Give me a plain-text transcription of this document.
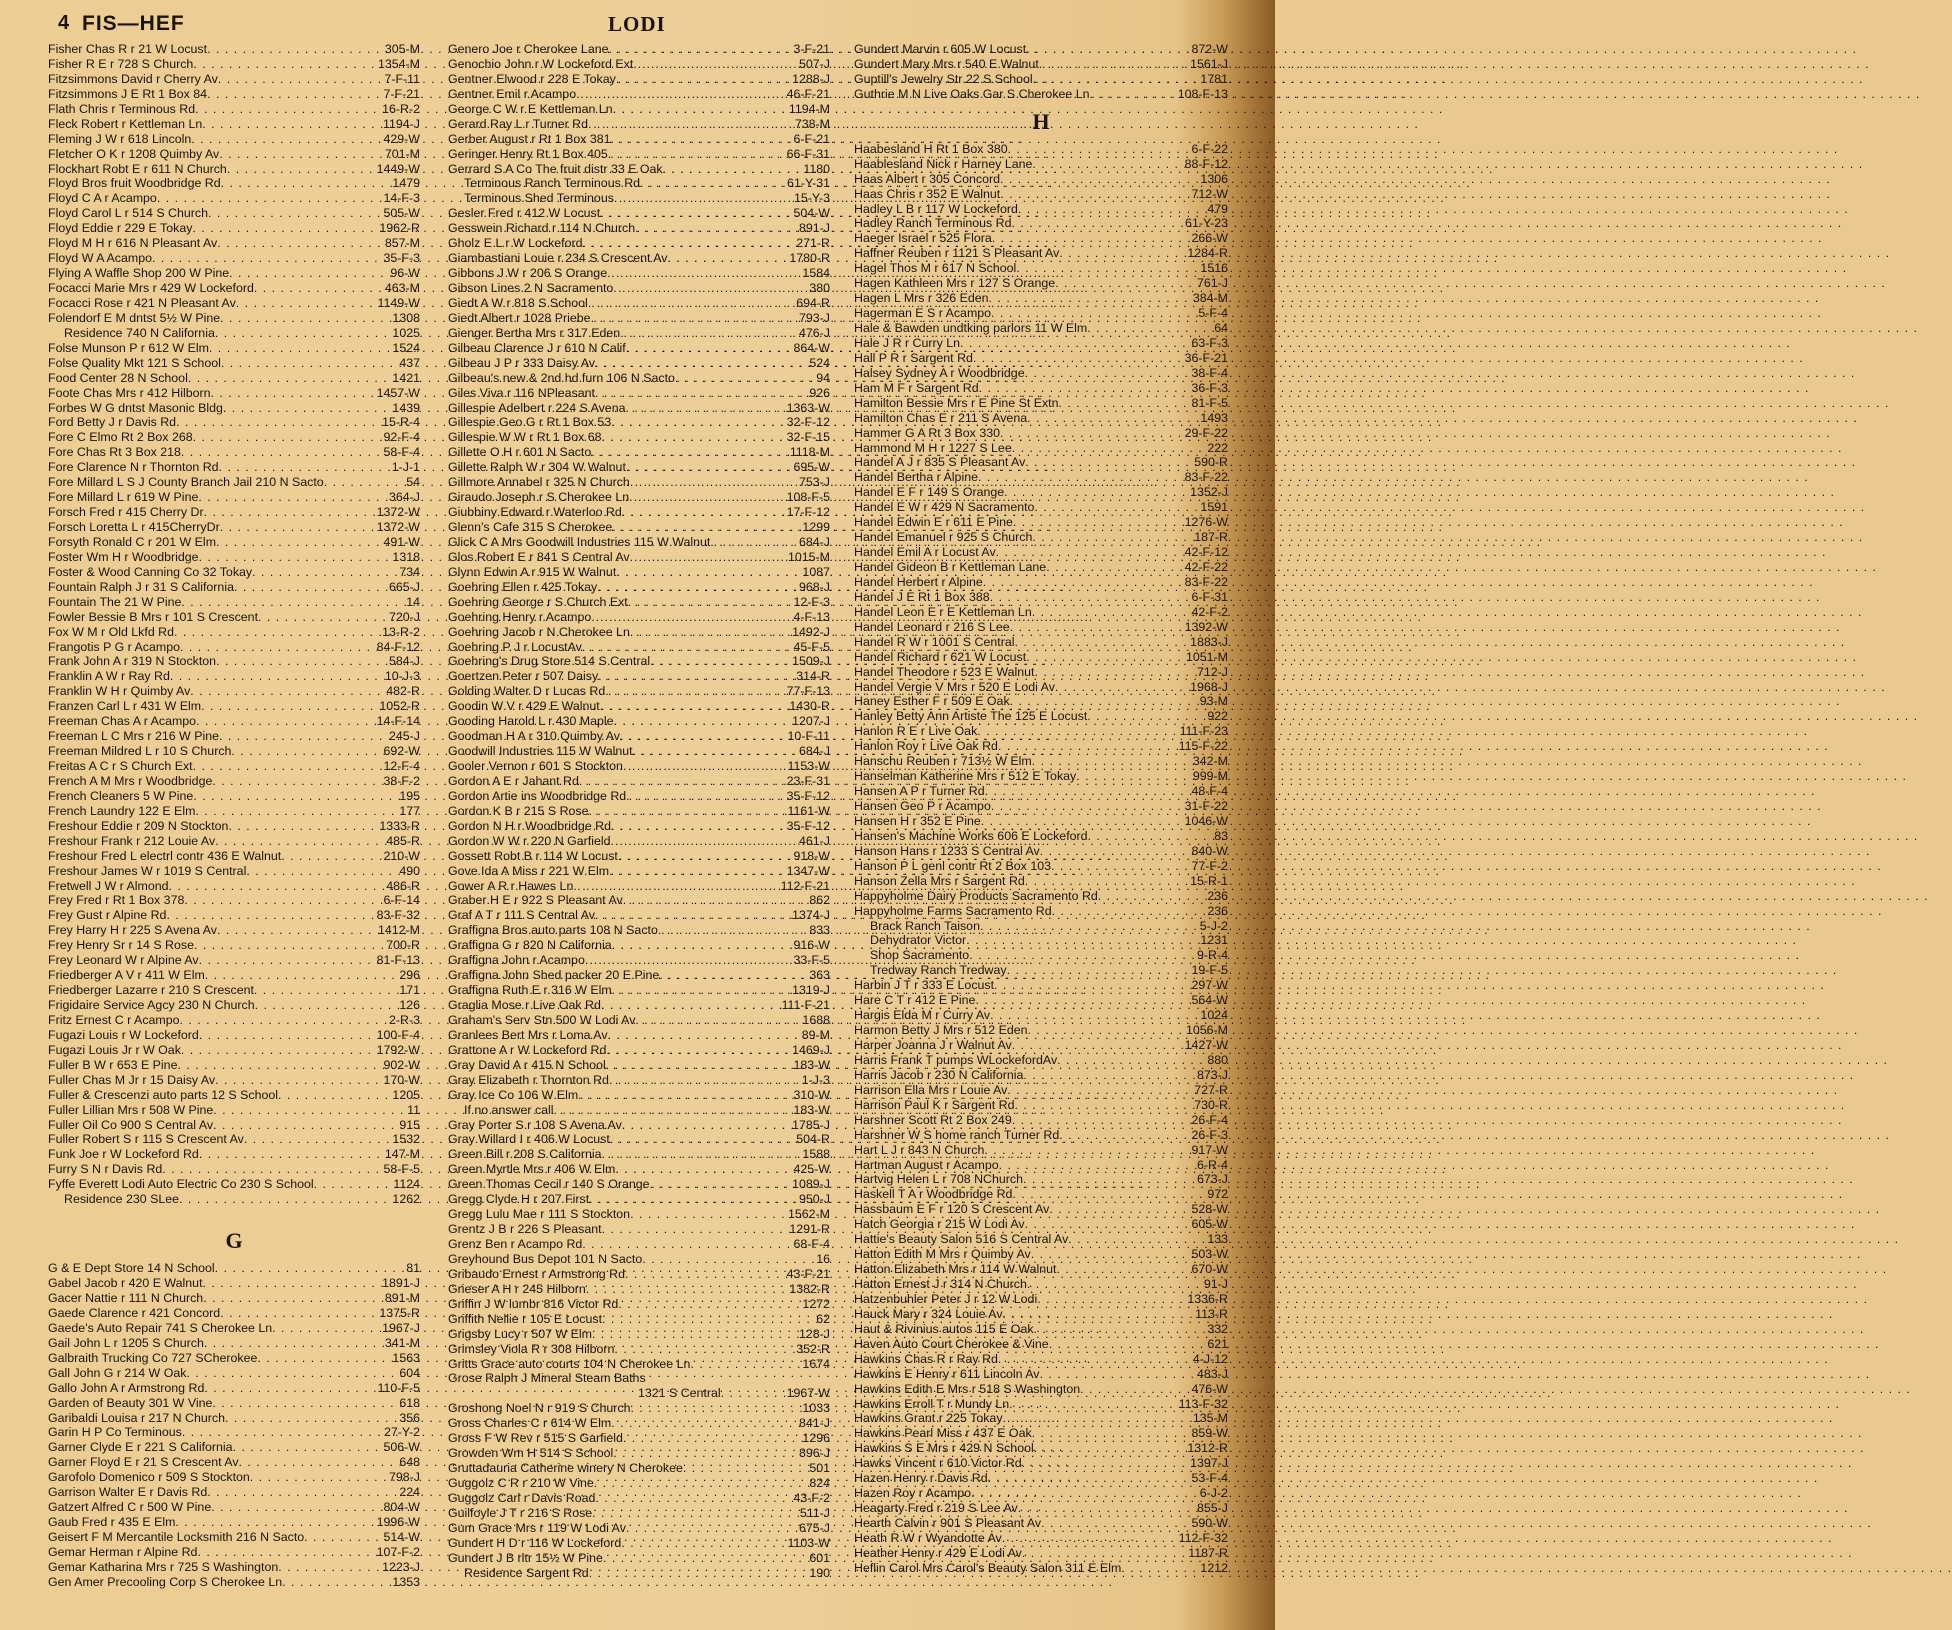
4 FIS—HEF	LODI
Fisher Chas R r 21 W Locust . . .	305-M
Fisher R E r 728 S Church . . .	1354-M
Fitzsimmons David r Cherry Av . . .	7-F-11
Fitzsimmons J E Rt 1 Box 84 . . .	7-F-21
Flath Chris r Terminous Rd . . .	16-R-2
Fleck Robert r Kettleman Ln . . .	1194-J
Fleming J W r 618 Lincoln . . .	429-W
Fletcher O K r 1208 Quimby Av . . .	701-M
Flockhart Robt E r 611 N Church . . .	1449-W
Floyd Bros fruit Woodbridge Rd . . .	1479
Floyd C A r Acampo . . .	14-F-3
Floyd Carol L r 514 S Church . . .	505-W
Floyd Eddie r 229 E Tokay . . .	1962-R
Floyd M H r 616 N Pleasant Av . . .	857-M
Floyd W A Acampo . . .	35-F-3
Flying A Waffle Shop 200 W Pine . . .	96-W
Focacci Marie Mrs r 429 W Lockeford . . .	463-M
Focacci Rose r 421 N Pleasant Av . . .	1149-W
Folendorf E M dntst 5½ W Pine . . .	1308
Residence 740 N California . . .	1025
Folse Munson P r 612 W Elm . . .	1524
Folse Quality Mkt 121 S School . . .	437
Food Center 28 N School . . .	1421
Foote Chas Mrs r 412 Hilborn . . .	1457-W
Forbes W G dntst Masonic Bldg . . .	1439
Ford Betty J r Davis Rd . . .	15-R-4
Fore C Elmo Rt 2 Box 268 . . .	92-F-4
Fore Chas Rt 3 Box 218 . . .	58-F-4
Fore Clarence N r Thornton Rd . . .	1-J-1
Fore Millard L S J County Branch Jail 210 N Sacto . . .	54
Fore Millard L r 619 W Pine . . .	364-J
Forsch Fred r 415 Cherry Dr . . .	1372-W
Forsch Loretta L r 415CherryDr . . .	1372-W
Forsyth Ronald C r 201 W Elm . . .	491-W
Foster Wm H r Woodbridge . . .	1318
Foster & Wood Canning Co 32 Tokay . . .	734
Fountain Ralph J r 31 S California . . .	665-J
Fountain The 21 W Pine . . .	14
Fowler Bessie B Mrs r 101 S Crescent . . .	720-J
Fox W M r Old Lkfd Rd . . .	13-R-2
Frangotis P G r Acampo . . .	84-F-12
Frank John A r 319 N Stockton . . .	584-J
Franklin A W r Ray Rd . . .	10-J-3
Franklin W H r Quimby Av . . .	482-R
Franzen Carl L r 431 W Elm . . .	1052-R
Freeman Chas A r Acampo . . .	14-F-14
Freeman L C Mrs r 216 W Pine . . .	245-J
Freeman Mildred L r 10 S Church . . .	692-W
Freitas A C r S Church Ext . . .	12-F-4
French A M Mrs r Woodbridge . . .	38-F-2
French Cleaners 5 W Pine . . .	195
French Laundry 122 E Elm . . .	177
Freshour Eddie r 209 N Stockton . . .	1333-R
Freshour Frank r 212 Louie Av . . .	485-R
Freshour Fred L electrl contr 436 E Walnut . . .	210-W
Freshour James W r 1019 S Central . . .	490
Fretwell J W r Almond . . .	486-R
Frey Fred r Rt 1 Box 378 . . .	6-F-14
Frey Gust r Alpine Rd . . .	83-F-32
Frey Harry H r 225 S Avena Av . . .	1412-M
Frey Henry Sr r 14 S Rose . . .	700-R
Frey Leonard W r Alpine Av . . .	81-F-13
Friedberger A V r 411 W Elm . . .	296
Friedberger Lazarre r 210 S Crescent . . .	171
Frigidaire Service Agcy 230 N Church . . .	126
Fritz Ernest C r Acampo . . .	2-R-3
Fugazi Louis r W Lockeford . . .	100-F-4
Fugazi Louis Jr r W Oak . . .	1792-W
Fuller B W r 653 E Pine . . .	902-W
Fuller Chas M Jr r 15 Daisy Av . . .	170-W
Fuller & Crescenzi auto parts 12 S School . . .	1205
Fuller Lillian Mrs r 508 W Pine . . .	11
Fuller Oil Co 900 S Central Av . . .	915
Fuller Robert S r 115 S Crescent Av . . .	1532
Funk Joe r W Lockeford Rd . . .	147-M
Furry S N r Davis Rd . . .	58-F-5
Fyffe Everett Lodi Auto Electric Co 230 S School . . .	1124
Residence 230 SLee . . .	1262
G
G & E Dept Store 14 N School . . .	81
Gabel Jacob r 420 E Walnut . . .	1891-J
Gacer Nattie r 111 N Church . . .	891-M
Gaede Clarence r 421 Concord . . .	1375-R
Gaede's Auto Repair 741 S Cherokee Ln . . .	1967-J
Gail John L r 1205 S Church . . .	341-M
Galbraith Trucking Co 727 SCherokee . . .	1563
Gall John G r 214 W Oak . . .	604
Gallo John A r Armstrong Rd . . .	110-F-5
Garden of Beauty 301 W Vine . . .	618
Garibaldi Louisa r 217 N Church . . .	356
Garin H P Co Terminous . . .	27-Y-2
Garner Clyde E r 221 S California . . .	506-W
Garner Floyd E r 21 S Crescent Av . . .	648
Garofolo Domenico r 509 S Stockton . . .	798-J
Garrison Walter E r Davis Rd . . .	224
Gatzert Alfred C r 500 W Pine . . .	804-W
Gaub Fred r 435 E Elm . . .	1996-W
Geisert F M Mercantile Locksmith 216 N Sacto . . .	514-W
Gemar Herman r Alpine Rd . . .	107-F-2
Gemar Katharina Mrs r 725 S Washington . . .	1223-J
Gen Amer Precooling Corp S Cherokee Ln . . .	1353
Genero Joe r Cherokee Lane . . .	3-F-21
Genochio John r W Lockeford Ext . . .	507-J
Gentner Elwood r 228 E Tokay . . .	1288-J
Gentner Emil r Acampo . . .	46-F-21
George C W r E Kettleman Ln . . .	1194-M
Gerard Ray L r Turner Rd . . .	738-M
Gerber August r Rt 1 Box 381 . . .	6-F-21
Geringer Henry Rt 1 Box 405 . . .	66-F-31
Gerrard S A Co The fruit distr 33 E Oak . . .	1180
Terminous Ranch Terminous Rd . . .	61-Y-31
Terminous Shed Terminous . . .	15-Y-3
Gesler Fred r 412 W Locust . . .	504-W
Gesswein Richard r 114 N Church . . .	891-J
Gholz E L r W Lockeford . . .	271-R
Giambastiani Louie r 234 S Crescent Av . . .	1780-R
Gibbons J W r 206 S Orange . . .	1584
Gibson Lines 2 N Sacramento . . .	380
Giedt A W r 818 S School . . .	694-R
Giedt Albert r 1028 Priebe . . .	793-J
Gienger Bertha Mrs r 317 Eden . . .	476-J
Gilbeau Clarence J r 610 N Calif . . .	864-W
Gilbeau J P r 333 Daisy Av . . .	524
Gilbeau's new & 2nd hd furn 106 N Sacto . . .	94
Giles Viva r 116 NPleasant . . .	926
Gillespie Adelbert r 224 S Avena . . .	1363-W
Gillespie Geo G r Rt 1 Box 53 . . .	32-F-12
Gillespie W W r Rt 1 Box 68 . . .	32-F-15
Gillette O H r 601 N Sacto . . .	1118-M
Gillette Ralph W r 304 W Walnut . . .	695-W
Gillmore Annabel r 325 N Church . . .	753-J
Giraudo Joseph r S Cherokee Ln . . .	108-F-5
Giubbiny Edward r Waterloo Rd . . .	17-F-12
Glenn's Cafe 315 S Cherokee . . .	1299
Glick C A Mrs Goodwill Industries 115 W Walnut . . .	684-J
Glos Robert E r 841 S Central Av . . .	1015-M
Glynn Edwin A r 915 W Walnut . . .	1087
Goehring Ellen r 425 Tokay . . .	968-J
Goehring George r S Church Ext . . .	12-F-3
Goehring Henry r Acampo . . .	4-F-13
Goehring Jacob r N Cherokee Ln . . .	1492-J
Goehring P J r LocustAv . . .	45-F-5
Goehring's Drug Store 514 S Central . . .	1509-J
Goertzen Peter r 507 Daisy . . .	314-R
Golding Walter D r Lucas Rd . . .	77-F-13
Goodin W V r 429 E Walnut . . .	1430-R
Gooding Harold L r 430 Maple . . .	1207-J
Goodman H A r 310 Quimby Av . . .	10-F-11
Goodwill Industries 115 W Walnut . . .	684-J
Gooler Vernon r 601 S Stockton . . .	1153-W
Gordon A E r Jahant Rd . . .	23-F-31
Gordon Artie ins Woodbridge Rd . . .	35-F-12
Gordon K B r 215 S Rose . . .	1161-W
Gordon N H r Woodbridge Rd . . .	35-F-12
Gordon W W r 220 N Garfield . . .	461-J
Gossett Robt B r 114 W Locust . . .	918-W
Gove Ida A Miss r 221 W Elm . . .	1347-W
Gower A R r Hawes Ln . . .	112-F-21
Graber H E r 922 S Pleasant Av . . .	862
Graf A T r 111 S Central Av . . .	1374-J
Graffigna Bros auto parts 108 N Sacto . . .	833
Graffigna G r 820 N California . . .	916-W
Graffigna John r Acampo . . .	33-F-5
Graffigna John Shed packer 20 E Pine . . .	363
Graffigna Ruth E r 316 W Elm . . .	1319-J
Graglia Mose r Live Oak Rd . . .	111-F-21
Graham's Serv Stn 500 W Lodi Av . . .	1688
Granlees Bert Mrs r Loma Av . . .	89-M
Grattone A r W Lockeford Rd . . .	1469-J
Gray David A r 415 N School . . .	183-W
Gray Elizabeth r Thornton Rd . . .	1-J-3
Gray Ice Co 106 W Elm . . .	310-W
If no answer call . . .	183-W
Gray Porter S r 108 S Avena Av . . .	1785-J
Gray Willard I r 406 W Locust . . .	504-R
Green Bill r 208 S California . . .	1588
Green Myrtle Mrs r 406 W Elm . . .	425-W
Green Thomas Cecil r 140 S Orange . . .	1089-J
Gregg Clyde H r 207 First . . .	950-J
Gregg Lulu Mae r 111 S Stockton . . .	1562-M
Grentz J B r 226 S Pleasant . . .	1291-R
Grenz Ben r Acampo Rd . . .	68-F-4
Greyhound Bus Depot 101 N Sacto . . .	16
Gribaudo Ernest r Armstrong Rd . . .	43-F-21
Grieser A H r 245 Hilborn . . .	1382-R
Griffin J W lumbr 816 Victor Rd . . .	1272
Griffith Nellie r 105 E Locust . . .	62
Grigsby Lucy r 507 W Elm . . .	128-J
Grimsley Viola R r 308 Hilborn . . .	352-R
Gritts Grace auto courts 104 N Cherokee Ln . . .	1674
Grose Ralph J Mineral Steam Baths
1321 S Central . . .	1967-W
Groshong Noel N r 919 S Church . . .	1033
Gross Charles C r 614 W Elm . . .	841-J
Gross F W Rev r 515 S Garfield . . .	1296
Growden Wm H 514 S School . . .	896-J
Gruttadauria Catherine winery N Cherokee . . .	501
Guggolz C R r 210 W Vine . . .	824
Guggolz Carl r Davis Road . . .	43-F-2
Guilfoyle J T r 216 S Rose . . .	511-J
Gum Grace Mrs r 119 W Lodi Av . . .	675-J
Gundert H D r 116 W Lockeford . . .	1103-W
Gundert J B rltr 15½ W Pine . . .	601
Residence Sargent Rd . . .	190
Gundert Marvin r 605 W Locust . . .	872-W
Gundert Mary Mrs r 540 E Walnut . . .	1561-J
Guptill's Jewelry Str 22 S School . . .	1781
Guthrie M N Live Oaks Gar S Cherokee Ln . . .	108-F-13
H
Haabesland H Rt 1 Box 380 . . .	6-F-22
Haablesland Nick r Harney Lane . . .	88-F-12
Haas Albert r 305 Concord . . .	1306
Haas Chris r 352 E Walnut . . .	712-W
Hadley L B r 117 W Lockeford . . .	479
Hadley Ranch Terminous Rd . . .	61-Y-23
Haeger Israel r 525 Flora . . .	266-W
Haffner Reuben r 1121 S Pleasant Av . . .	1284-R
Hagel Thos M r 617 N School . . .	1516
Hagen Kathleen Mrs r 127 S Orange . . .	761-J
Hagen L Mrs r 326 Eden . . .	384-M
Hagerman E S r Acampo . . .	5-F-4
Hale & Bawden undtking parlors 11 W Elm . . .	64
Hale J R r Curry Ln . . .	63-F-3
Hall P R r Sargent Rd . . .	36-F-21
Halsey Sydney A r Woodbridge . . .	38-F-4
Ham M F r Sargent Rd . . .	36-F-3
Hamilton Bessie Mrs r E Pine St Extn . . .	81-F-5
Hamilton Chas E r 211 S Avena . . .	1493
Hammer G A Rt 3 Box 330 . . .	29-F-22
Hammond M H r 1227 S Lee . . .	222
Handel A J r 835 S Pleasant Av . . .	590-R
Handel Bertha r Alpine . . .	83-F-22
Handel E F r 149 S Orange . . .	1352-J
Handel E W r 429 N Sacramento . . .	1591
Handel Edwin E r 611 E Pine . . .	1276-W
Handel Emanuel r 925 S Church . . .	187-R
Handel Emil A r Locust Av . . .	42-F-12
Handel Gideon B r Kettleman Lane . . .	42-F-22
Handel Herbert r Alpine . . .	83-F-22
Handel J E Rt 1 Box 388 . . .	6-F-31
Handel Leon E r E Kettleman Ln . . .	42-F-2
Handel Leonard r 216 S Lee . . .	1392-W
Handel R W r 1001 S Central . . .	1883-J
Handel Richard r 621 W Locust . . .	1051-M
Handel Theodore r 523 E Walnut . . .	712-J
Handel Vergie V Mrs r 520 E Lodi Av . . .	1968-J
Haney Esther F r 509 E Oak . . .	93-M
Hanley Betty Ann Artiste The 125 E Locust . . .	922
Hanlon R E r Live Oak . . .	111-F-23
Hanlon Roy r Live Oak Rd . . .	115-F-22
Hanschu Reuben r 713½ W Elm . . .	342-M
Hanselman Katherine Mrs r 512 E Tokay . . .	999-M
Hansen A P r Turner Rd . . .	48-F-4
Hansen Geo P r Acampo . . .	31-F-22
Hansen H r 352 E Pine . . .	1046-W
Hansen's Machine Works 606 E Lockeford . . .	83
Hanson Hans r 1233 S Central Av . . .	840-W
Hanson P L genl contr Rt 2 Box 103 . . .	77-F-2
Hanson Zella Mrs r Sargent Rd . . .	15-R-1
Happyholme Dairy Products Sacramento Rd . . .	236
Happyholme Farms Sacramento Rd . . .	236
Brack Ranch Taison . . .	5-J-2
Dehydrator Victor . . .	1231
Shop Sacramento . . .	9-R-4
Tredway Ranch Tredway . . .	19-F-5
Harbin J T r 333 E Locust . . .	297-W
Hare C T r 412 E Pine . . .	564-W
Hargis Elda M r Curry Av . . .	1024
Harmon Betty J Mrs r 512 Eden . . .	1056-M
Harper Joanna J r Walnut Av . . .	1427-W
Harris Frank T pumps WLockefordAv . . .	880
Harris Jacob r 230 N California . . .	873-J
Harrison Ella Mrs r Louie Av . . .	727-R
Harrison Paul K r Sargent Rd . . .	730-R
Harshner Scott Rt 2 Box 249 . . .	26-F-4
Harshner W S home ranch Turner Rd . . .	26-F-3
Hart L J r 843 N Church . . .	917-W
Hartman August r Acampo . . .	6-R-4
Hartvig Helen L r 708 NChurch . . .	673-J
Haskell T A r Woodbridge Rd . . .	972
Hassbaum E F r 120 S Crescent Av . . .	528-W
Hatch Georgia r 215 W Lodi Av . . .	605-W
Hattie's Beauty Salon 516 S Central Av . . .	133
Hatton Edith M Mrs r Quimby Av . . .	503-W
Hatton Elizabeth Mrs r 114 W Walnut . . .	670-W
Hatton Ernest J r 314 N Church . . .	91-J
Hatzenbuhler Peter J r 12 W Lodi . . .	1336-R
Hauck Mary r 324 Louie Av . . .	113-R
Haut & Rivinius autos 115 E Oak . . .	332
Haven Auto Court Cherokee & Vine . . .	621
Hawkins Chas R r Ray Rd . . .	4-J-12
Hawkins E Henry r 611 Lincoln Av . . .	483-J
Hawkins Edith E Mrs r 518 S Washington . . .	476-W
Hawkins Erroll T r Mundy Ln . . .	113-F-32
Hawkins Grant r 225 Tokay . . .	135-M
Hawkins Pearl Miss r 437 E Oak . . .	859-W
Hawkins S E Mrs r 429 N School . . .	1312-R
Hawks Vincent r 610 Victor Rd . . .	1397-J
Hazen Henry r Davis Rd . . .	53-F-4
Hazen Roy r Acampo . . .	6-J-2
Heagarty Fred r 219 S Lee Av . . .	855-J
Hearth Calvin r 901 S Pleasant Av . . .	590-W
Heath R W r Wyandotte Av . . .	112-F-32
Heather Henry r 429 E Lodi Av . . .	1187-R
Heflin Carol Mrs Carol's Beauty Salon 311 E Elm . . .	1212
